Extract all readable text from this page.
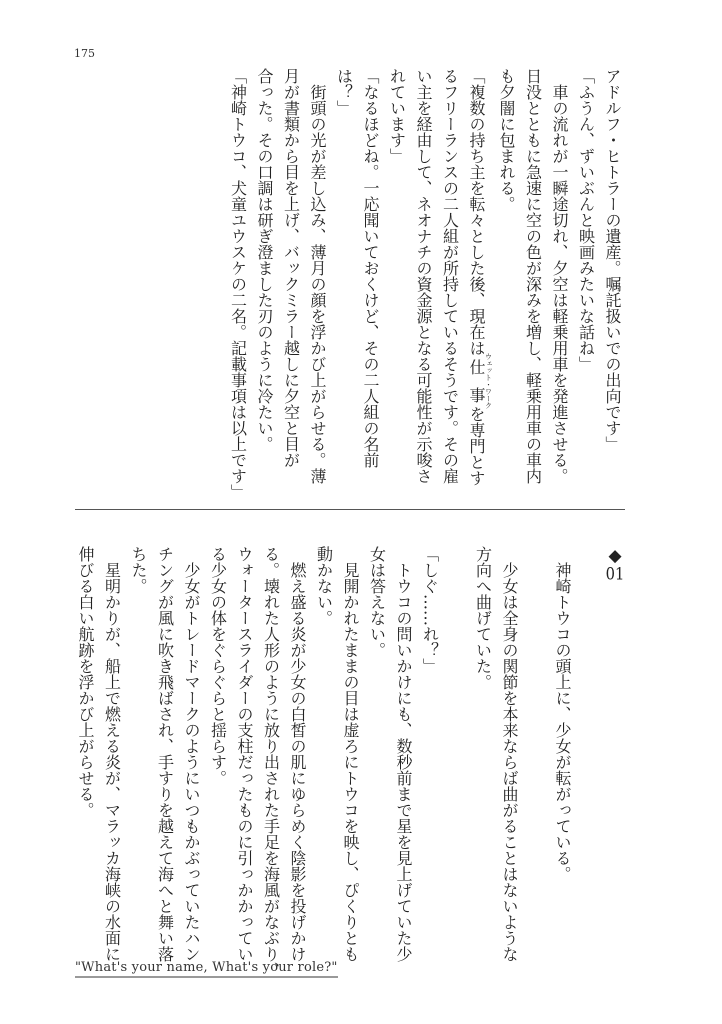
175
アドルフ・ヒトラーの遺産。嘱託扱いでの出向です」
「ふうん、ずいぶんと映画みたいな話ね」
　車の流れが一瞬途切れ、夕空は軽乗用車を発進させる。
日没とともに急速に空の色が深みを増し、軽乗用車の車内
も夕闇に包まれる。
「複数の持ち主を転々とした後、現在は仕事ウェット・ワークを専門とす
るフリーランスの二人組が所持しているそうです。その雇
い主を経由して、ネオナチの資金源となる可能性が示唆さ
れています」
「なるほどね。一応聞いておくけど、その二人組の名前
は？」
　街頭の光が差し込み、薄月の顔を浮かび上がらせる。薄
月が書類から目を上げ、バックミラー越しに夕空と目が
合った。その口調は研ぎ澄ました刃のように冷たい。
「神崎トウコ、犬童ユウスケの二名。記載事項は以上です」
◆01

　神崎トウコの頭上に、少女が転がっている。

　少女は全身の関節を本来ならば曲がることはないような
方向へ曲げていた。

「しぐ……れ？」
　トウコの問いかけにも、数秒前まで星を見上げていた少
女は答えない。
　見開かれたままの目は虚ろにトウコを映し、ぴくりとも
動かない。
　燃え盛る炎が少女の白皙の肌にゆらめく陰影を投げかけ
る。壊れた人形のように放り出された手足を海風がなぶり、
ウォータースライダーの支柱だったものに引っかかってい
る少女の体をぐらぐらと揺らす。
　少女がトレードマークのようにいつもかぶっていたハン
チングが風に吹き飛ばされ、手すりを越えて海へと舞い落
ちた。
　星明かりが、船上で燃える炎が、マラッカ海峡の水面に
伸びる白い航跡を浮かび上がらせる。
"What's your name, What's your role?"
